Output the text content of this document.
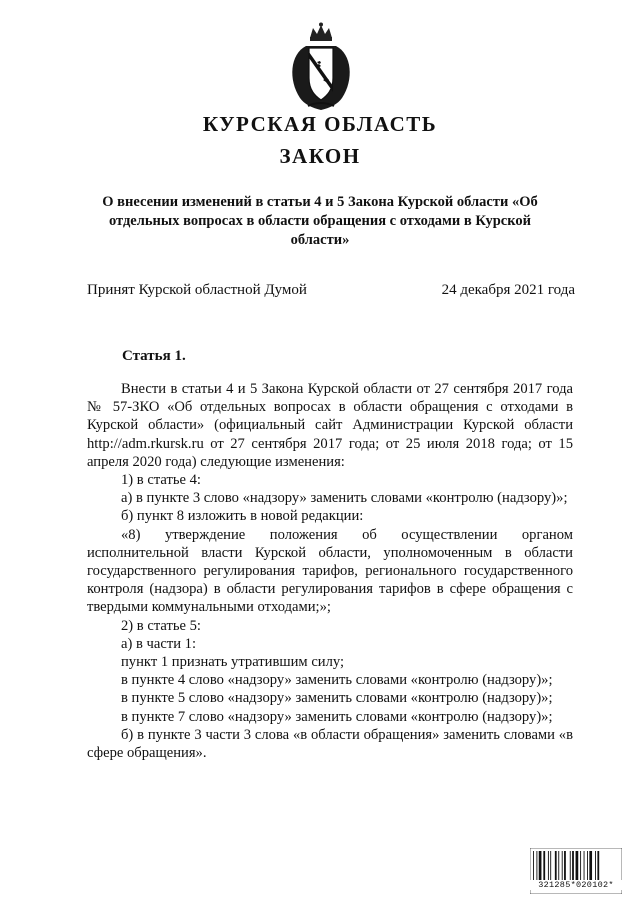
КУРСКАЯ ОБЛАСТЬ
ЗАКОН
О внесении изменений в статьи 4 и 5 Закона Курской области «Об отдельных вопросах в области обращения с отходами в Курской области»
Принят Курской областной Думой	24 декабря 2021 года
Статья 1.

Внести в статьи 4 и 5 Закона Курской области от 27 сентября 2017 года № 57-ЗКО «Об отдельных вопросах в области обращения с отходами в Курской области» (официальный сайт Администрации Курской области http://adm.rkursk.ru от 27 сентября 2017 года; от 25 июля 2018 года; от 15 апреля 2020 года) следующие изменения:

1) в статье 4:

а) в пункте 3 слово «надзору» заменить словами «контролю (надзору)»;

б) пункт 8 изложить в новой редакции:

«8) утверждение положения об осуществлении органом исполнительной власти Курской области, уполномоченным в области государственного регулирования тарифов, регионального государственного контроля (надзора) в области регулирования тарифов в сфере обращения с твердыми коммунальными отходами;»;

2) в статье 5:

а) в части 1:

пункт 1 признать утратившим силу;

в пункте 4 слово «надзору» заменить словами «контролю (надзору)»;

в пункте 5 слово «надзору» заменить словами «контролю (надзору)»;

в пункте 7 слово «надзору» заменить словами «контролю (надзору)»;

б) в пункте 3 части 3 слова «в области обращения» заменить словами «в сфере обращения».

321285*020102*
